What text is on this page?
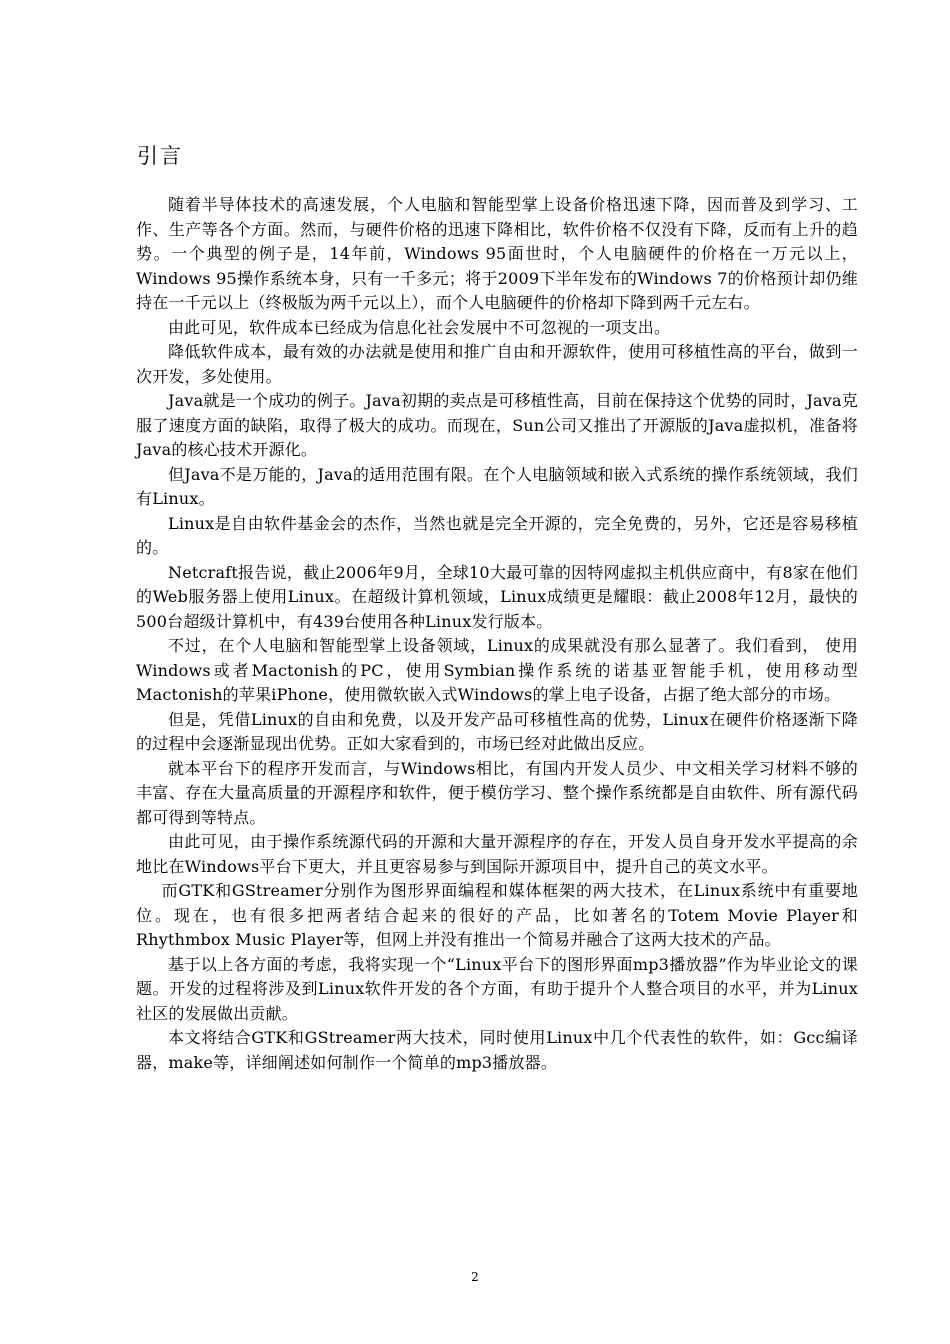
引言

随着半导体技术的高速发展，个人电脑和智能型掌上设备价格迅速下降，因而普及到学习、工作、生产等各个方面。然而，与硬件价格的迅速下降相比，软件价格不仅没有下降，反而有上升的趋势。一个典型的例子是，14年前，Windows 95面世时，个人电脑硬件的价格在一万元以上，Windows 95操作系统本身，只有一千多元；将于2009下半年发布的Windows 7的价格预计却仍维持在一千元以上（终极版为两千元以上），而个人电脑硬件的价格却下降到两千元左右。

由此可见，软件成本已经成为信息化社会发展中不可忽视的一项支出。

降低软件成本，最有效的办法就是使用和推广自由和开源软件，使用可移植性高的平台，做到一次开发，多处使用。

Java就是一个成功的例子。Java初期的卖点是可移植性高，目前在保持这个优势的同时，Java克服了速度方面的缺陷，取得了极大的成功。而现在，Sun公司又推出了开源版的Java虚拟机，准备将Java的核心技术开源化。

但Java不是万能的，Java的适用范围有限。在个人电脑领域和嵌入式系统的操作系统领域，我们有Linux。

Linux是自由软件基金会的杰作，当然也就是完全开源的，完全免费的，另外，它还是容易移植的。

Netcraft报告说，截止2006年9月，全球10大最可靠的因特网虚拟主机供应商中，有8家在他们的Web服务器上使用Linux。在超级计算机领域，Linux成绩更是耀眼：截止2008年12月，最快的500台超级计算机中，有439台使用各种Linux发行版本。

不过，在个人电脑和智能型掌上设备领域，Linux的成果就没有那么显著了。我们看到， 使用Windows或者Mactonish的PC，使用Symbian操作系统的诺基亚智能手机，使用移动型Mactonish的苹果iPhone，使用微软嵌入式Windows的掌上电子设备，占据了绝大部分的市场。

但是，凭借Linux的自由和免费，以及开发产品可移植性高的优势，Linux在硬件价格逐渐下降的过程中会逐渐显现出优势。正如大家看到的，市场已经对此做出反应。

就本平台下的程序开发而言，与Windows相比，有国内开发人员少、中文相关学习材料不够的丰富、存在大量高质量的开源程序和软件，便于模仿学习、整个操作系统都是自由软件、所有源代码都可得到等特点。

由此可见，由于操作系统源代码的开源和大量开源程序的存在，开发人员自身开发水平提高的余地比在Windows平台下更大，并且更容易参与到国际开源项目中，提升自己的英文水平。

而GTK和GStreamer分别作为图形界面编程和媒体框架的两大技术，在Linux系统中有重要地位。现在，也有很多把两者结合起来的很好的产品，比如著名的Totem Movie Player和Rhythmbox Music Player等，但网上并没有推出一个简易并融合了这两大技术的产品。

基于以上各方面的考虑，我将实现一个“Linux平台下的图形界面mp3播放器”作为毕业论文的课题。开发的过程将涉及到Linux软件开发的各个方面，有助于提升个人整合项目的水平，并为Linux社区的发展做出贡献。

本文将结合GTK和GStreamer两大技术，同时使用Linux中几个代表性的软件，如：Gcc编译器，make等，详细阐述如何制作一个简单的mp3播放器。

2
